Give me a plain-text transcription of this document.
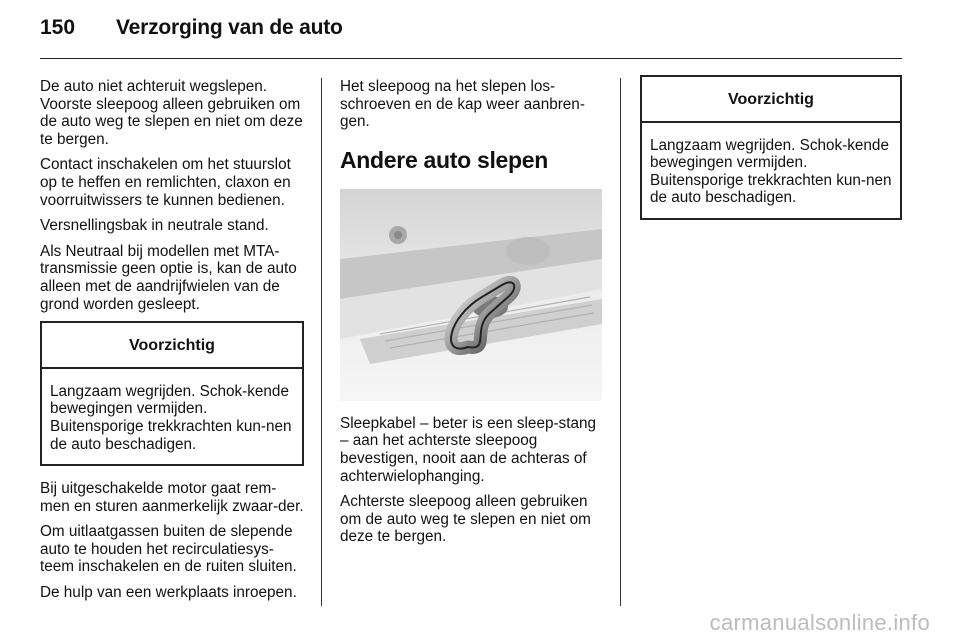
150 Verzorging van de auto

De auto niet achteruit wegslepen. Voorste sleepoog alleen gebruiken om de auto weg te slepen en niet om deze te bergen.

Contact inschakelen om het stuurslot op te heffen en remlichten, claxon en voorruitwissers te kunnen bedienen.

Versnellingsbak in neutrale stand.

Als Neutraal bij modellen met MTA-transmissie geen optie is, kan de auto alleen met de aandrijfwielen van de grond worden gesleept.

Voorzichtig
Langzaam wegrijden. Schok-kende bewegingen vermijden. Buitensporige trekkrachten kun-nen de auto beschadigen.

Bij uitgeschakelde motor gaat rem-men en sturen aanmerkelijk zwaar-der.

Om uitlaatgassen buiten de slepende auto te houden het recirculatiesys-teem inschakelen en de ruiten sluiten.

De hulp van een werkplaats inroepen.

Het sleepoog na het slepen los-schroeven en de kap weer aanbren-gen.

Andere auto slepen

Sleepkabel – beter is een sleep-stang – aan het achterste sleepoog bevestigen, nooit aan de achteras of achterwielophanging.

Achterste sleepoog alleen gebruiken om de auto weg te slepen en niet om deze te bergen.

Voorzichtig
Langzaam wegrijden. Schok-kende bewegingen vermijden. Buitensporige trekkrachten kun-nen de auto beschadigen.
carmanualsonline.info
